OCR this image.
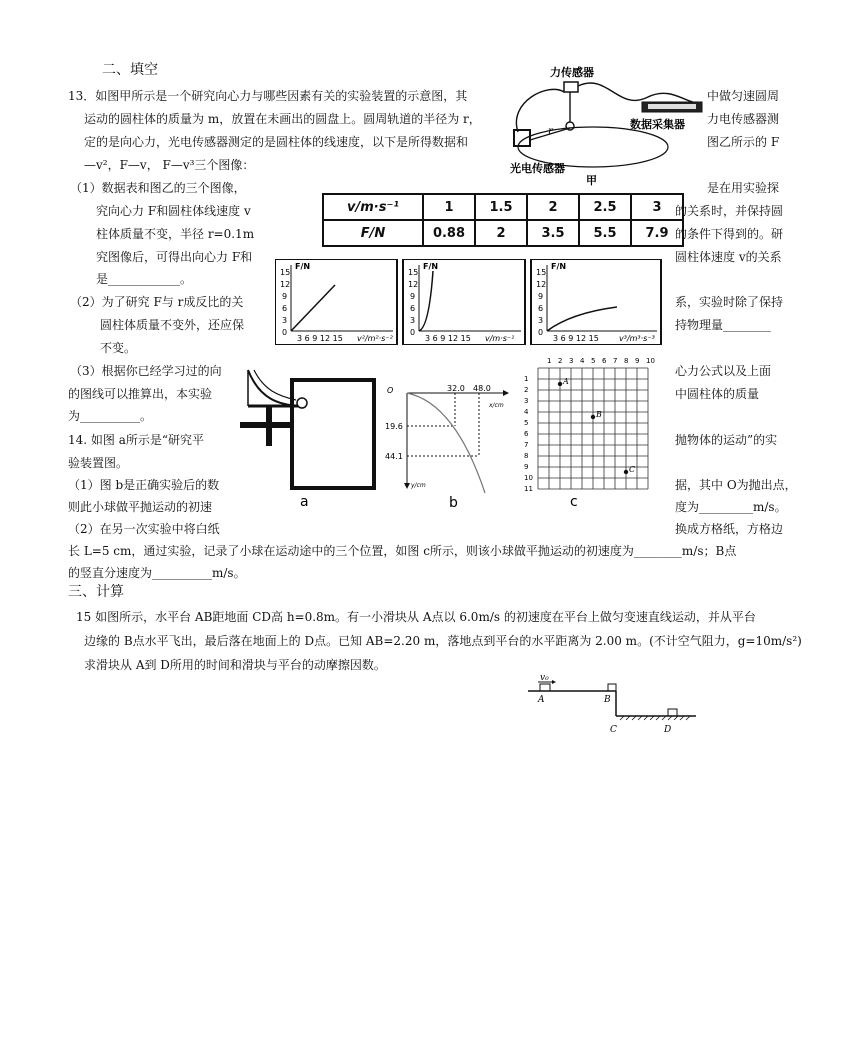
二、填空
13．如图甲所示是一个研究向心力与哪些因素有关的实验装置的示意图，其
运动的圆柱体的质量为 m，放置在未画出的圆盘上。圆周轨道的半径为 r，
定的是向心力，光电传感器测定的是圆柱体的线速度，以下是所得数据和
—v²，F—v， F—v³三个图像：
中做匀速圆周
力电传感器测
图乙所示的 F
力传感器
数据采集器
r
光电传感器
甲
（1）数据表和图乙的三个图像，
究向心力 F和圆柱体线速度 v
柱体质量不变，半径 r=0.1m
究图像后，可得出向心力 F和
是____________。
是在用实验探
的关系时，并保持圆
的条件下得到的。研
圆柱体速度 v的关系
v/m·s⁻¹	1	1.5	2	2.5	3
F/N	0.88	2	3.5	5.5	7.9
F/N
15
12
9
6
3
0
3 6 9 12 15 v²/m²·s⁻²
F/N
15
12
9
6
3
0
3 6 9 12 15 v/m·s⁻¹
F/N
15
12
9
6
3
0
3 6 9 12 15	v³/m³·s⁻³
（2）为了研究 F与 r成反比的关
圆柱体质量不变外，还应保
不变。
系，实验时除了保持
持物理量________
（3）根据你已经学习过的向
的图线可以推算出，本实验
为__________。
心力公式以及上面
中圆柱体的质量
a
O
x/cm
y/cm
32.0 48.0
19.6
44.1
b
1 2 3 4 5 6 7 8 9 10
1
2
3
4
5
6
7
8
9
10
11
A
B
C
c
14. 如图 a所示是“研究平	抛物体的运动”的实
验装置图。
（1）图 b是正确实验后的数	据，其中 O为抛出点，
则此小球做平抛运动的初速	度为_________m/s。
（2）在另一次实验中将白纸	换成方格纸，方格边
长 L=5 cm，通过实验，记录了小球在运动途中的三个位置，如图 c所示，则该小球做平抛运动的初速度为________m/s；B点
的竖直分速度为__________m/s。
三、计算
15 如图所示，水平台 AB距地面 CD高 h=0.8m。有一小滑块从 A点以 6.0m/s 的初速度在平台上做匀变速直线运动，并从平台
边缘的 B点水平飞出，最后落在地面上的 D点。已知 AB=2.20 m，落地点到平台的水平距离为 2.00 m。(不计空气阻力，g=10m/s²)
求滑块从 A到 D所用的时间和滑块与平台的动摩擦因数。
v₀
A	B
C	D
